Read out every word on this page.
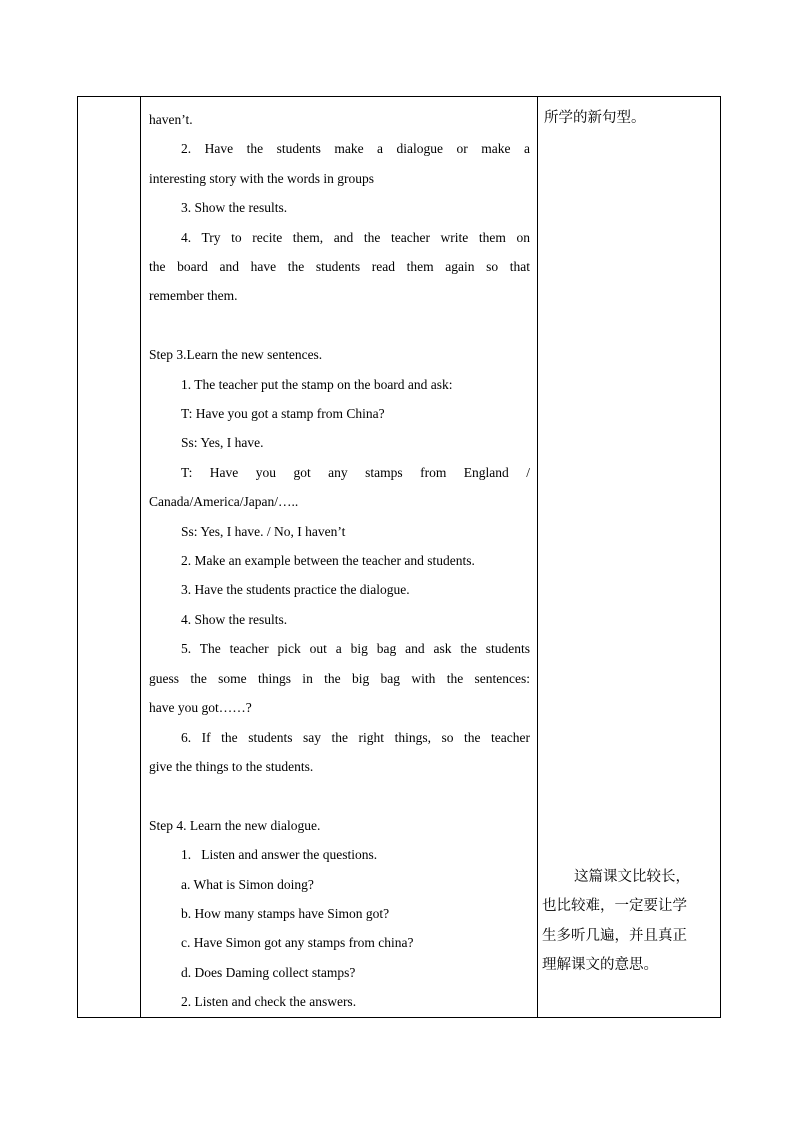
haven’t.

2. Have the students make a dialogue or make a

interesting story with the words in groups

3. Show the results.

4. Try to recite them, and the teacher write them on

the board and have the students read them again so that

remember them.

Step 3.Learn the new sentences.

1. The teacher put the stamp on the board and ask:

T: Have you got a stamp from China?

Ss: Yes, I have.

T: Have you got any stamps from England /

Canada/America/Japan/…..

Ss: Yes, I have. / No, I haven’t

2. Make an example between the teacher and students.

3. Have the students practice the dialogue.

4. Show the results.

5. The teacher pick out a big bag and ask the students

guess the some things in the big bag with the sentences:

have you got……?

6. If the students say the right things, so the teacher

give the things to the students.

Step 4. Learn the new dialogue.

1.   Listen and answer the questions.

a. What is Simon doing?

b. How many stamps have Simon got?

c. Have Simon got any stamps from china?

d. Does Daming collect stamps?

2. Listen and check the answers.

所学的新句型。

这篇课文比较长，

也比较难，一定要让学

生多听几遍，并且真正

理解课文的意思。
